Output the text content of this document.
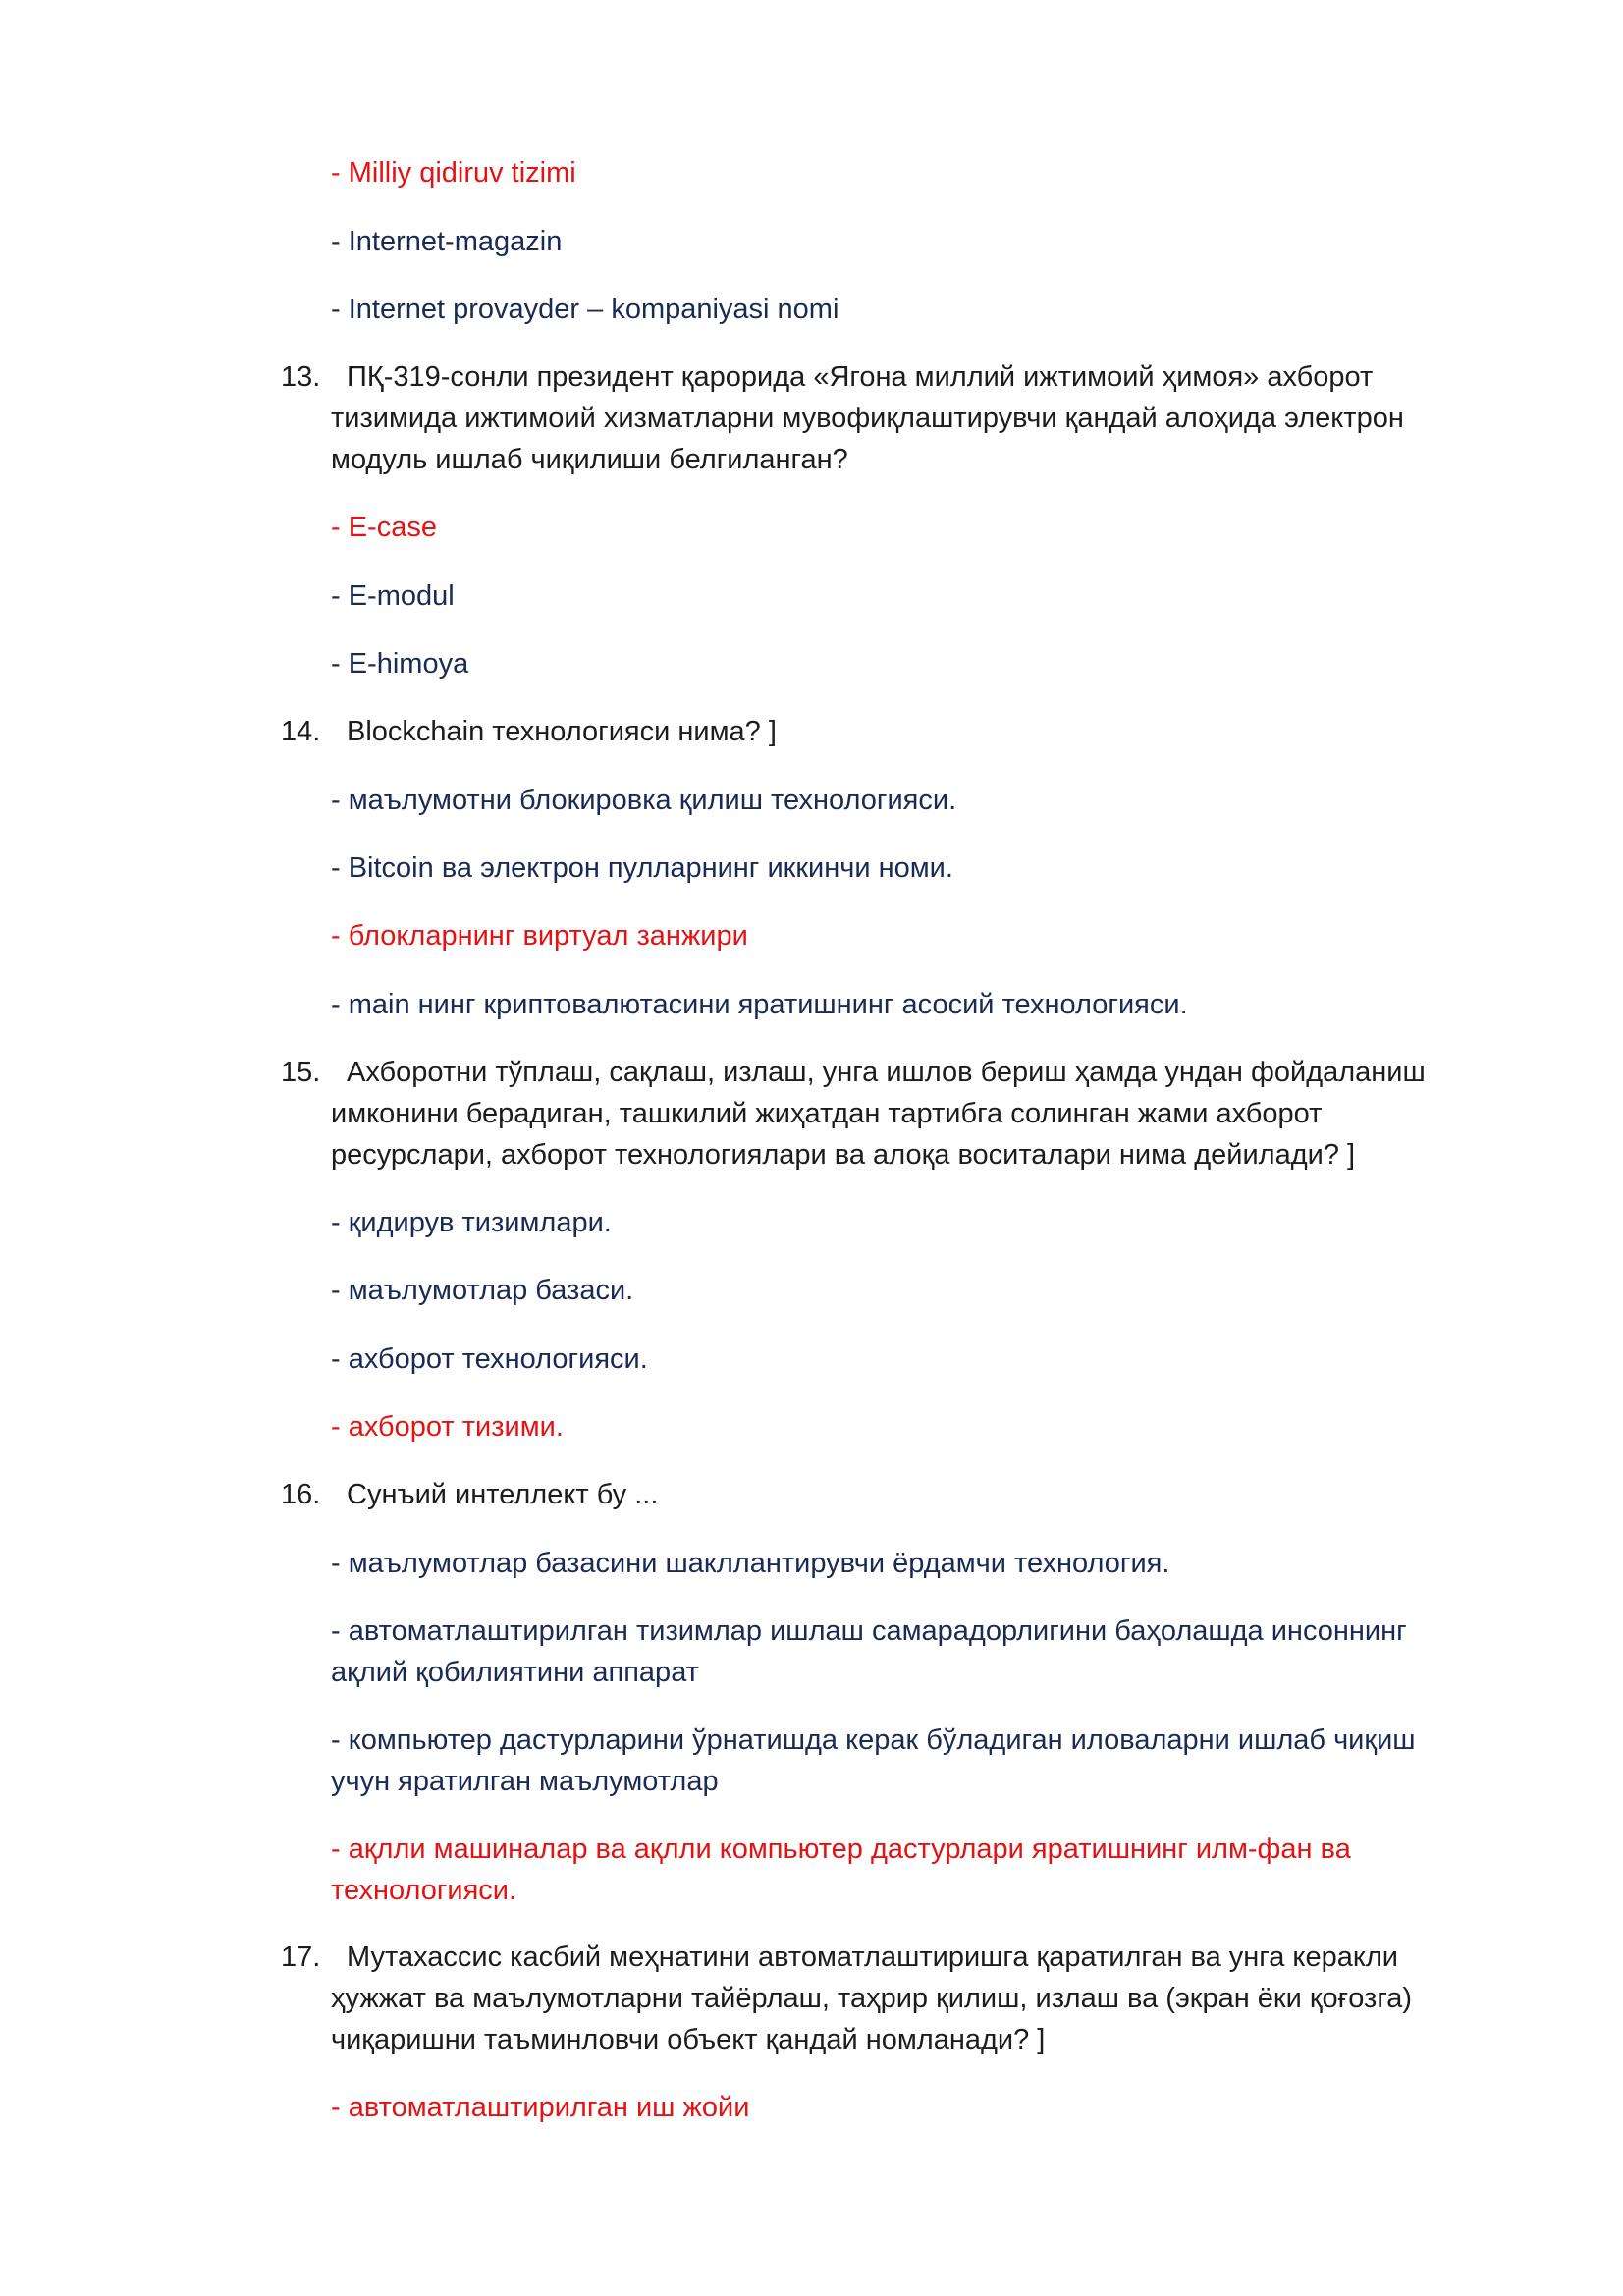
- Milliy qidiruv tizimi

- Internet-magazin

- Internet provayder – kompaniyasi nomi

13. ПҚ-319-сонли президент қарорида «Ягона миллий ижтимоий ҳимоя» ахборот
тизимида ижтимоий хизматларни мувофиқлаштирувчи қандай алоҳида электрон
модуль ишлаб чиқилиши белгиланган?

- E-case

- E-modul

- E-himoya

14. Blockchain технологияси нима? ]

- маълумотни блокировка қилиш технологияси.

- Bitcoin ва электрон пулларнинг иккинчи номи.

- блокларнинг виртуал занжири

- main нинг криптовалютасини яратишнинг асосий технологияси.

15. Ахборотни тўплаш, сақлаш, излаш, унга ишлов бериш ҳамда ундан фойдаланиш
имконини берадиган, ташкилий жиҳатдан тартибга солинган жами ахборот
ресурслари, ахборот технологиялари ва алоқа воситалари нима дейилади? ]

- қидирув тизимлари.

- маълумотлар базаси.

- ахборот технологияси.

- ахборот тизими.

16. Сунъий интеллект бу ...

- маълумотлар базасини шакллантирувчи ёрдамчи технология.

- автоматлаштирилган тизимлар ишлаш самарадорлигини баҳолашда инсоннинг
ақлий қобилиятини аппарат
- компьютер дастурларини ўрнатишда керак бўладиган иловаларни ишлаб чиқиш
учун яратилган маълумотлар
- ақлли машиналар ва ақлли компьютер дастурлари яратишнинг илм-фан ва
технологияси.
17. Мутахассис касбий меҳнатини автоматлаштиришга қаратилган ва унга керакли
ҳужжат ва маълумотларни тайёрлаш, таҳрир қилиш, излаш ва (экран ёки қоғозга)
чиқаришни таъминловчи объект қандай номланади? ]

- автоматлаштирилган иш жойи
